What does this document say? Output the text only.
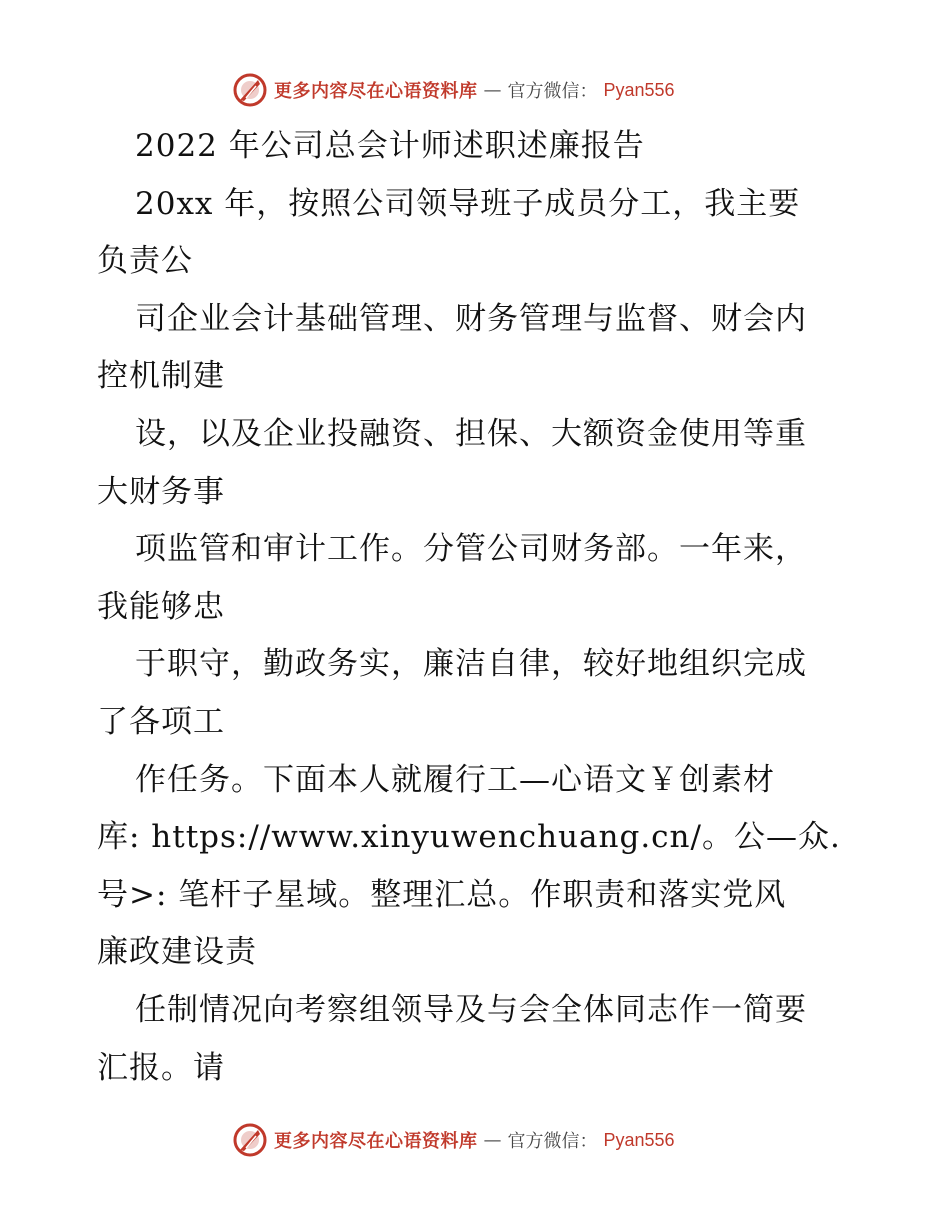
更多内容尽在心语资料库 — 官方微信： Pyan556
2022 年公司总会计师述职述廉报告
20xx 年，按照公司领导班子成员分工，我主要
负责公
司企业会计基础管理、财务管理与监督、财会内
控机制建
设，以及企业投融资、担保、大额资金使用等重
大财务事
项监管和审计工作。分管公司财务部。一年来，
我能够忠
于职守，勤政务实，廉洁自律，较好地组织完成
了各项工
作任务。下面本人就履行工—心语文￥创素材
库: https://www.xinyuwenchuang.cn/。公—众.
号>: 笔杆子星域。整理汇总。作职责和落实党风
廉政建设责
任制情况向考察组领导及与会全体同志作一简要
汇报。请
更多内容尽在心语资料库 — 官方微信： Pyan556
